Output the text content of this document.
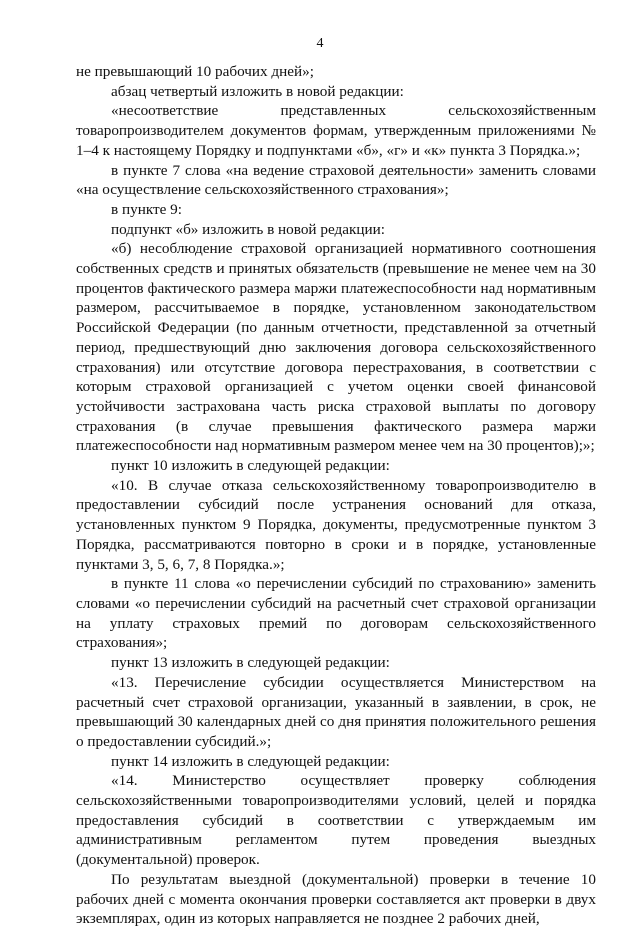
4

не превышающий 10 рабочих дней»;

абзац четвертый изложить в новой редакции:

«несоответствие представленных сельскохозяйственным товаропроизводителем документов формам, утвержденным приложениями № 1–4 к настоящему Порядку и подпунктами «б», «г» и «к» пункта 3 Порядка.»;

в пункте 7 слова «на ведение страховой деятельности» заменить словами «на осуществление сельскохозяйственного страхования»;

в пункте 9:

подпункт «б» изложить в новой редакции:

«б) несоблюдение страховой организацией нормативного соотношения собственных средств и принятых обязательств (превышение не менее чем на 30 процентов фактического размера маржи платежеспособности над нормативным размером, рассчитываемое в порядке, установленном законодательством Российской Федерации (по данным отчетности, представленной за отчетный период, предшествующий дню заключения договора сельскохозяйственного страхования) или отсутствие договора перестрахования, в соответствии с которым страховой организацией с учетом оценки своей финансовой устойчивости застрахована часть риска страховой выплаты по договору страхования (в случае превышения фактического размера маржи платежеспособности над нормативным размером менее чем на 30 процентов);»;

пункт 10 изложить в следующей редакции:

«10. В случае отказа сельскохозяйственному товаропроизводителю в предоставлении субсидий после устранения оснований для отказа, установленных пунктом 9 Порядка, документы, предусмотренные пунктом 3 Порядка, рассматриваются повторно в сроки и в порядке, установленные пунктами 3, 5, 6, 7, 8 Порядка.»;

в пункте 11 слова «о перечислении субсидий по страхованию» заменить словами «о перечислении субсидий на расчетный счет страховой организации на уплату страховых премий по договорам сельскохозяйственного страхования»;

пункт 13 изложить в следующей редакции:

«13. Перечисление субсидии осуществляется Министерством на расчетный счет страховой организации, указанный в заявлении, в срок, не превышающий 30 календарных дней со дня принятия положительного решения о предоставлении субсидий.»;

пункт 14 изложить в следующей редакции:

«14. Министерство осуществляет проверку соблюдения сельскохозяйственными товаропроизводителями условий, целей и порядка предоставления субсидий в соответствии с утверждаемым им административным регламентом путем проведения выездных (документальной) проверок.

По результатам выездной (документальной) проверки в течение 10 рабочих дней с момента окончания проверки составляется акт проверки в двух экземплярах, один из которых направляется не позднее 2 рабочих дней,
